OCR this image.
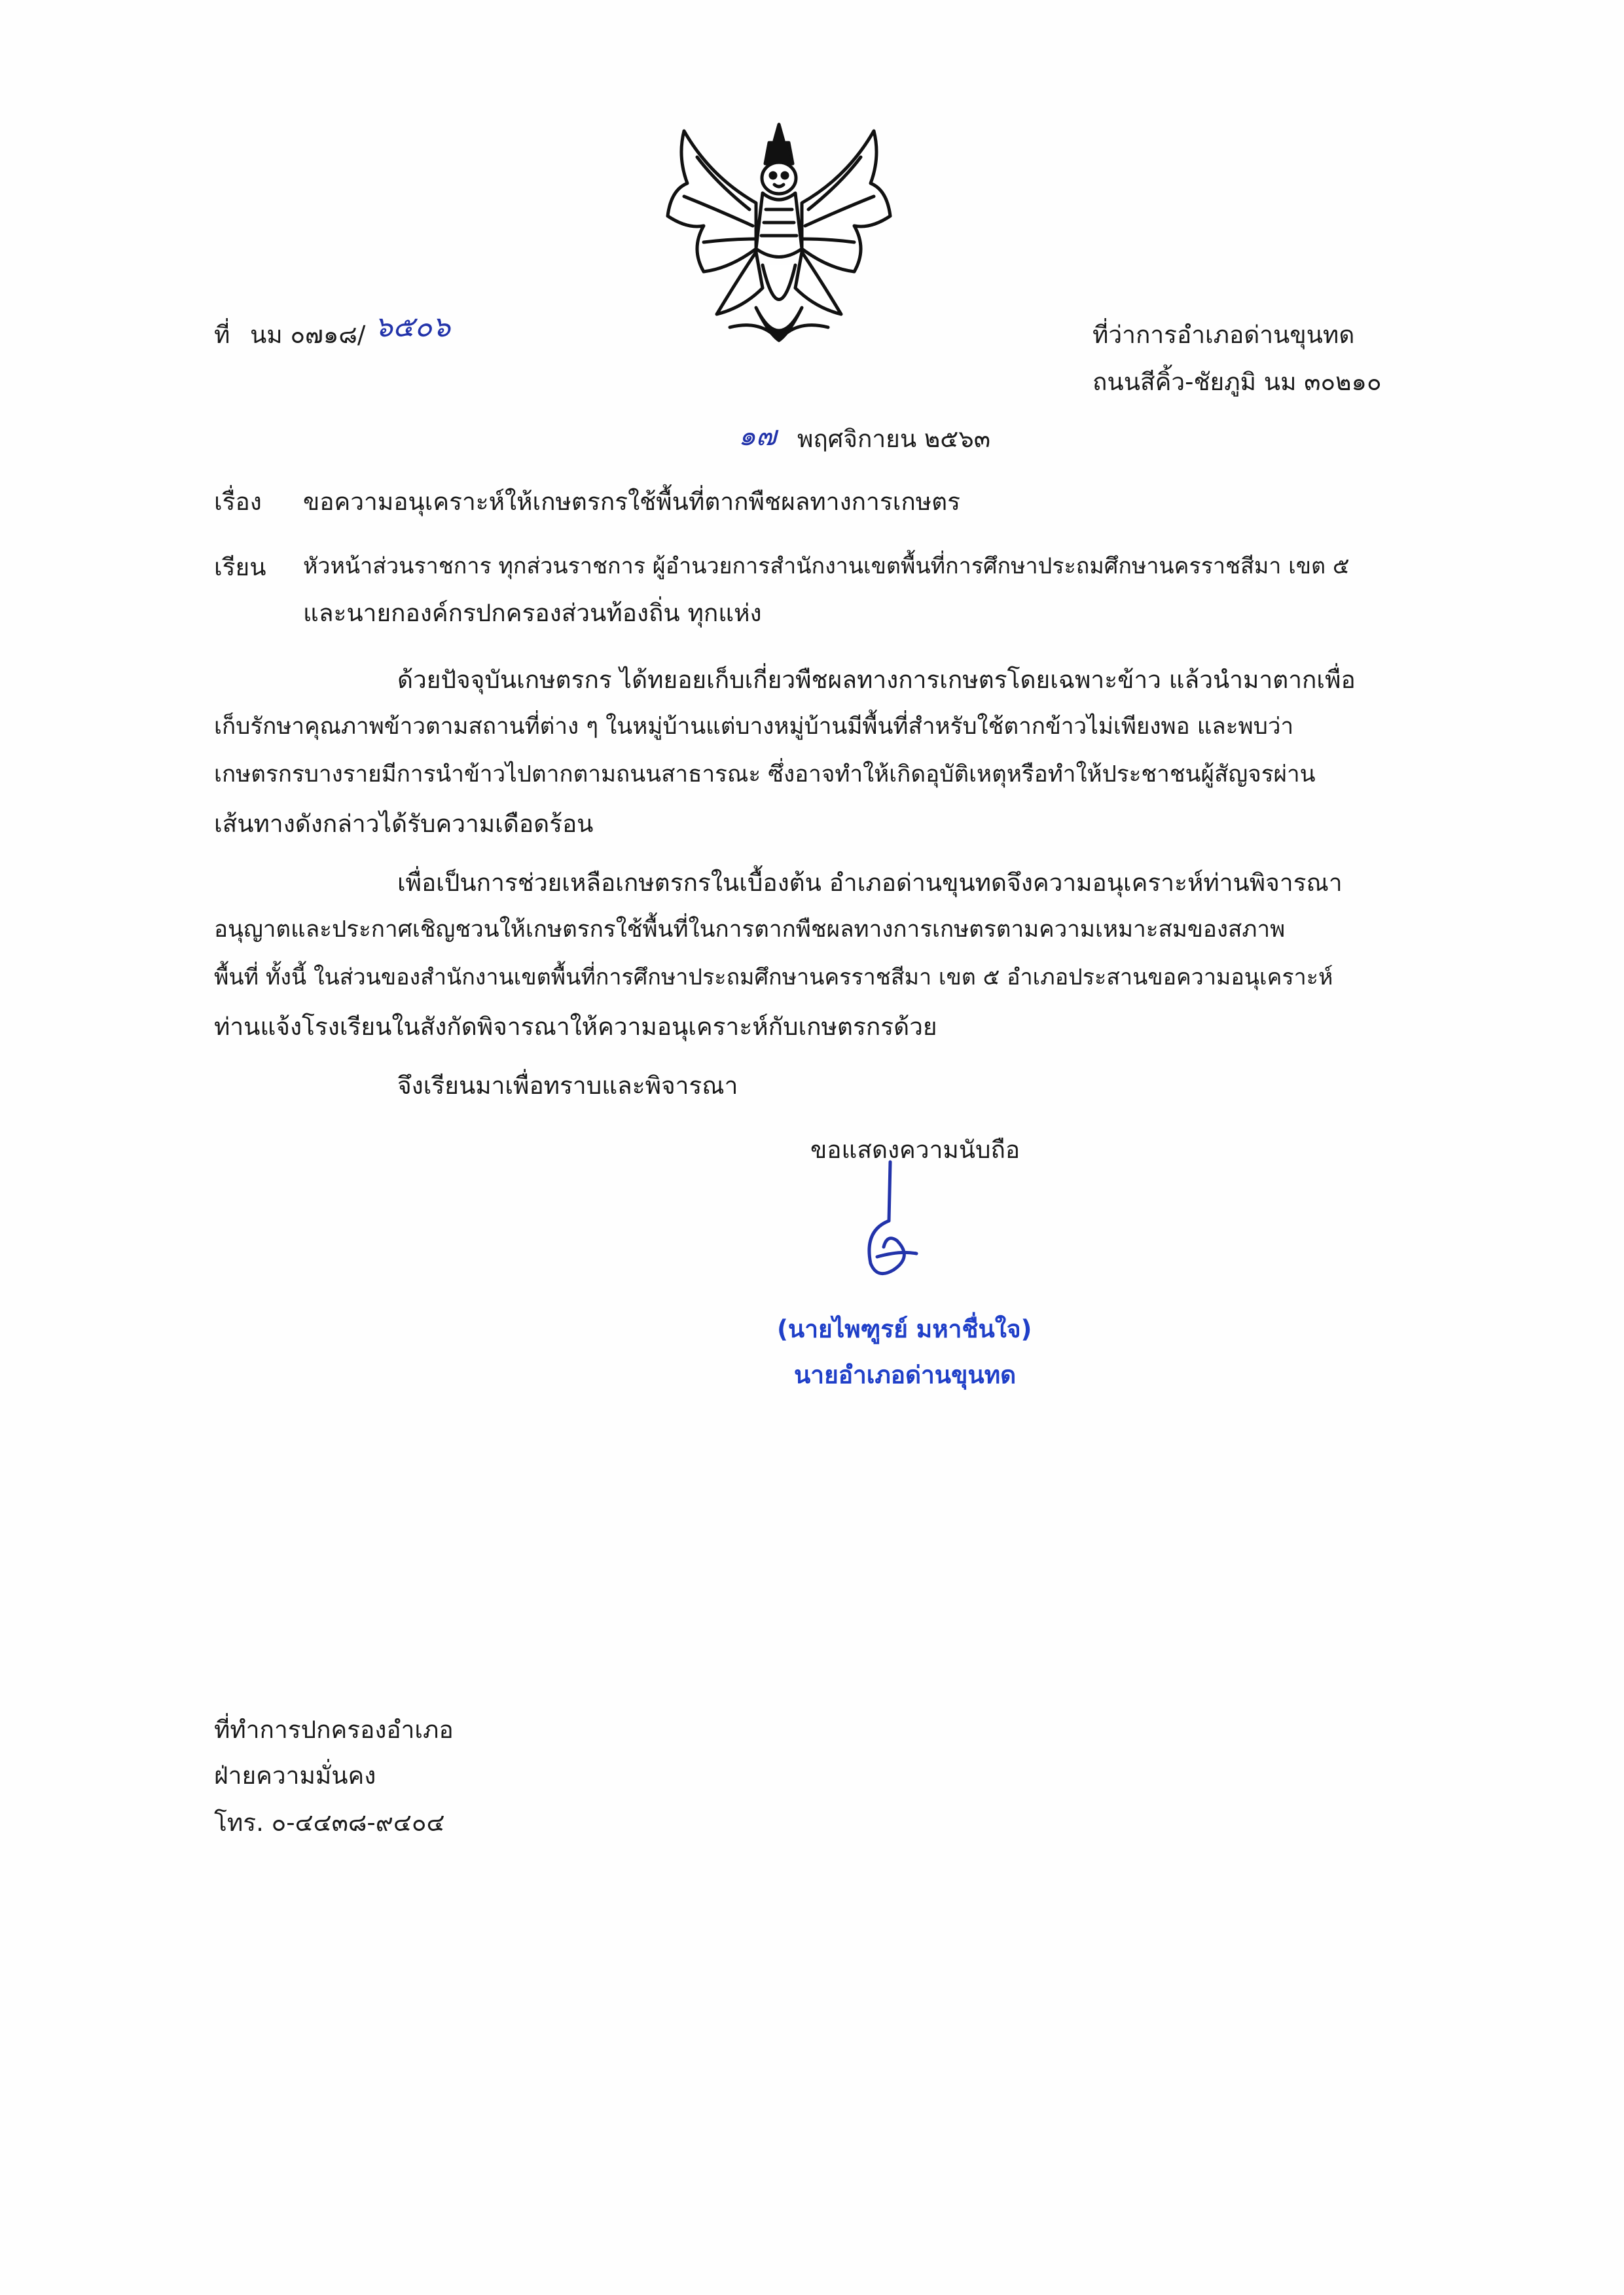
ที่ นม ๐๗๑๘/ ๖๕๐๖	ที่ว่าการอำเภอด่านขุนทด
ถนนสีคิ้ว-ชัยภูมิ นม ๓๐๒๑๐
๑๗ พฤศจิกายน ๒๕๖๓
เรื่อง ขอความอนุเคราะห์ให้เกษตรกรใช้พื้นที่ตากพืชผลทางการเกษตร
เรียน หัวหน้าส่วนราชการ ทุกส่วนราชการ ผู้อำนวยการสำนักงานเขตพื้นที่การศึกษาประถมศึกษานครราชสีมา เขต ๕
และนายกองค์กรปกครองส่วนท้องถิ่น ทุกแห่ง
ด้วยปัจจุบันเกษตรกร ได้ทยอยเก็บเกี่ยวพืชผลทางการเกษตรโดยเฉพาะข้าว แล้วนำมาตากเพื่อ
เก็บรักษาคุณภาพข้าวตามสถานที่ต่าง ๆ ในหมู่บ้านแต่บางหมู่บ้านมีพื้นที่สำหรับใช้ตากข้าวไม่เพียงพอ และพบว่า
เกษตรกรบางรายมีการนำข้าวไปตากตามถนนสาธารณะ ซึ่งอาจทำให้เกิดอุบัติเหตุหรือทำให้ประชาชนผู้สัญจรผ่าน
เส้นทางดังกล่าวได้รับความเดือดร้อน
เพื่อเป็นการช่วยเหลือเกษตรกรในเบื้องต้น อำเภอด่านขุนทดจึงความอนุเคราะห์ท่านพิจารณา
อนุญาตและประกาศเชิญชวนให้เกษตรกรใช้พื้นที่ในการตากพืชผลทางการเกษตรตามความเหมาะสมของสภาพ
พื้นที่ ทั้งนี้ ในส่วนของสำนักงานเขตพื้นที่การศึกษาประถมศึกษานครราชสีมา เขต ๕ อำเภอประสานขอความอนุเคราะห์
ท่านแจ้งโรงเรียนในสังกัดพิจารณาให้ความอนุเคราะห์กับเกษตรกรด้วย
จึงเรียนมาเพื่อทราบและพิจารณา
ขอแสดงความนับถือ
(นายไพฑูรย์ มหาชื่นใจ)
นายอำเภอด่านขุนทด
ที่ทำการปกครองอำเภอ
ฝ่ายความมั่นคง
โทร. ๐-๔๔๓๘-๙๔๐๔
